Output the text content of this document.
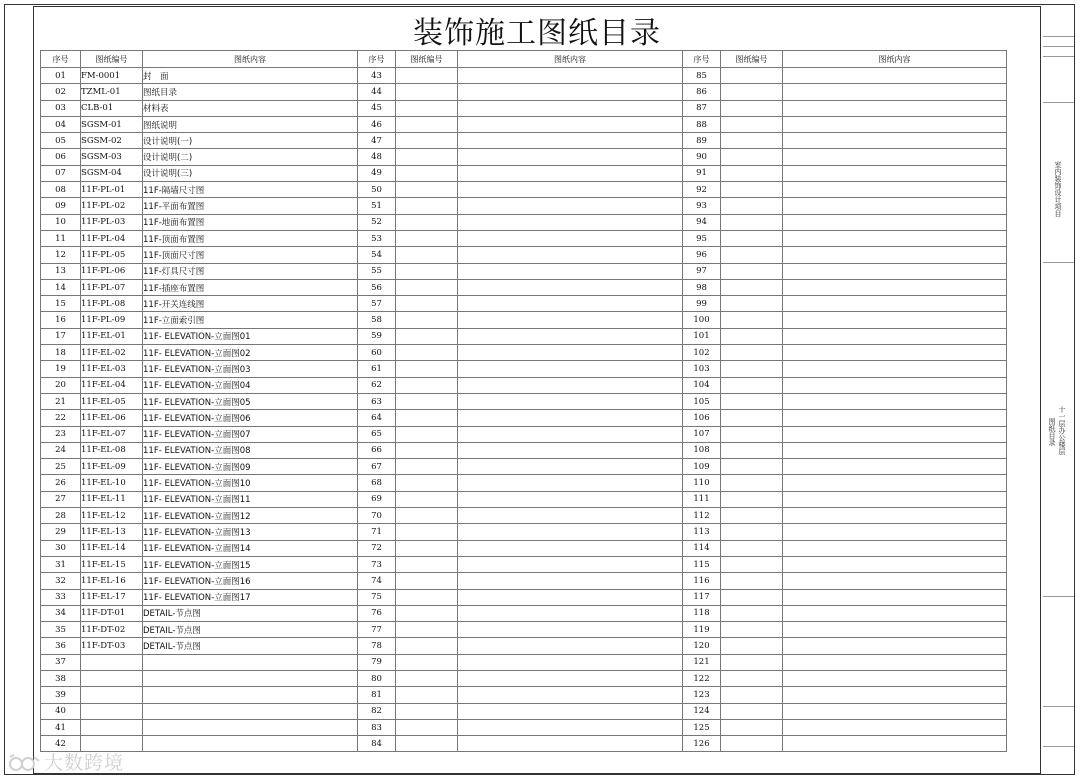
装饰施工图纸目录
序号	图纸编号	图纸内容	序号	图纸编号	图纸内容	序号	图纸编号	图纸内容
01	FM-0001	封　面	43			85		
02	TZML-01	图纸目录	44			86		
03	CLB-01	材料表	45			87		
04	SGSM-01	图纸说明	46			88		
05	SGSM-02	设计说明(一)	47			89		
06	SGSM-03	设计说明(二)	48			90		
07	SGSM-04	设计说明(三)	49			91		
08	11F-PL-01	11F-隔墙尺寸图	50			92		
09	11F-PL-02	11F-平面布置图	51			93		
10	11F-PL-03	11F-地面布置图	52			94		
11	11F-PL-04	11F-顶面布置图	53			95		
12	11F-PL-05	11F-顶面尺寸图	54			96		
13	11F-PL-06	11F-灯具尺寸图	55			97		
14	11F-PL-07	11F-插座布置图	56			98		
15	11F-PL-08	11F-开关连线图	57			99		
16	11F-PL-09	11F-立面索引图	58			100		
17	11F-EL-01	11F- ELEVATION-立面图01	59			101		
18	11F-EL-02	11F- ELEVATION-立面图02	60			102		
19	11F-EL-03	11F- ELEVATION-立面图03	61			103		
20	11F-EL-04	11F- ELEVATION-立面图04	62			104		
21	11F-EL-05	11F- ELEVATION-立面图05	63			105		
22	11F-EL-06	11F- ELEVATION-立面图06	64			106		
23	11F-EL-07	11F- ELEVATION-立面图07	65			107		
24	11F-EL-08	11F- ELEVATION-立面图08	66			108		
25	11F-EL-09	11F- ELEVATION-立面图09	67			109		
26	11F-EL-10	11F- ELEVATION-立面图10	68			110		
27	11F-EL-11	11F- ELEVATION-立面图11	69			111		
28	11F-EL-12	11F- ELEVATION-立面图12	70			112		
29	11F-EL-13	11F- ELEVATION-立面图13	71			113		
30	11F-EL-14	11F- ELEVATION-立面图14	72			114		
31	11F-EL-15	11F- ELEVATION-立面图15	73			115		
32	11F-EL-16	11F- ELEVATION-立面图16	74			116		
33	11F-EL-17	11F- ELEVATION-立面图17	75			117		
34	11F-DT-01	DETAIL-节点图	76			118		
35	11F-DT-02	DETAIL-节点图	77			119		
36	11F-DT-03	DETAIL-节点图	78			120		
37			79			121		
38			80			122		
39			81			123		
40			82			124		
41			83			125		
42			84			126		
室内装饰设计项目
十一层办公楼层
图纸目录
大数跨境
